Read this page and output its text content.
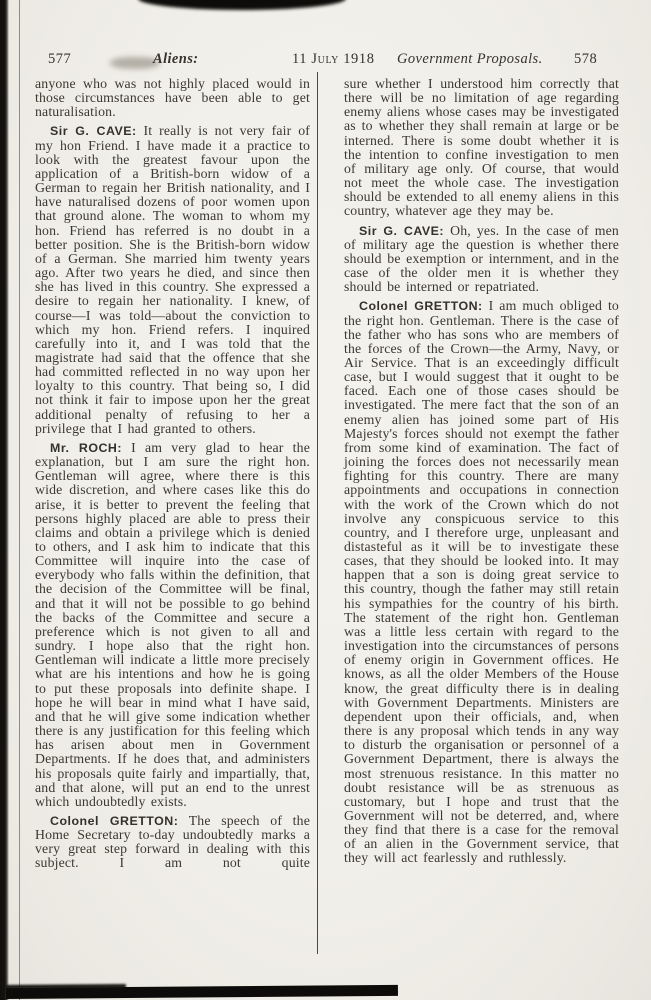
577	Aliens:	11 July 1918 Government Proposals. 578

anyone who was not highly placed would in those circumstances have been able to get naturalisation.

Sir G. CAVE: It really is not very fair of my hon Friend. I have made it a practice to look with the greatest favour upon the application of a British-born widow of a German to regain her British nationality, and I have naturalised dozens of poor women upon that ground alone. The woman to whom my hon. Friend has referred is no doubt in a better position. She is the British-born widow of a German. She married him twenty years ago. After two years he died, and since then she has lived in this country. She expressed a desire to regain her nationality. I knew, of course—I was told—about the conviction to which my hon. Friend refers. I inquired carefully into it, and I was told that the magistrate had said that the offence that she had committed reflected in no way upon her loyalty to this country. That being so, I did not think it fair to impose upon her the great additional penalty of refusing to her a privilege that I had granted to others.

Mr. ROCH: I am very glad to hear the explanation, but I am sure the right hon. Gentleman will agree, where there is this wide discretion, and where cases like this do arise, it is better to prevent the feeling that persons highly placed are able to press their claims and obtain a privilege which is denied to others, and I ask him to indicate that this Committee will inquire into the case of everybody who falls within the definition, that the decision of the Committee will be final, and that it will not be possible to go behind the backs of the Committee and secure a preference which is not given to all and sundry. I hope also that the right hon. Gentleman will indicate a little more precisely what are his intentions and how he is going to put these proposals into definite shape. I hope he will bear in mind what I have said, and that he will give some indication whether there is any justification for this feeling which has arisen about men in Government Departments. If he does that, and administers his proposals quite fairly and impartially, that, and that alone, will put an end to the unrest which undoubtedly exists.

Colonel GRETTON: The speech of the Home Secretary to-day undoubtedly marks a very great step forward in dealing with this subject. I am not quite

sure whether I understood him correctly that there will be no limitation of age regarding enemy aliens whose cases may be investigated as to whether they shall remain at large or be interned. There is some doubt whether it is the intention to confine investigation to men of military age only. Of course, that would not meet the whole case. The investigation should be extended to all enemy aliens in this country, whatever age they may be.

Sir G. CAVE: Oh, yes. In the case of men of military age the question is whether there should be exemption or internment, and in the case of the older men it is whether they should be interned or repatriated.

Colonel GRETTON: I am much obliged to the right hon. Gentleman. There is the case of the father who has sons who are members of the forces of the Crown—the Army, Navy, or Air Service. That is an exceedingly difficult case, but I would suggest that it ought to be faced. Each one of those cases should be investigated. The mere fact that the son of an enemy alien has joined some part of His Majesty's forces should not exempt the father from some kind of examination. The fact of joining the forces does not necessarily mean fighting for this country. There are many appointments and occupations in connection with the work of the Crown which do not involve any conspicuous service to this country, and I therefore urge, unpleasant and distasteful as it will be to investigate these cases, that they should be looked into. It may happen that a son is doing great service to this country, though the father may still retain his sympathies for the country of his birth. The statement of the right hon. Gentleman was a little less certain with regard to the investigation into the circumstances of persons of enemy origin in Government offices. He knows, as all the older Members of the House know, the great difficulty there is in dealing with Government Departments. Ministers are dependent upon their officials, and, when there is any proposal which tends in any way to disturb the organisation or personnel of a Government Department, there is always the most strenuous resistance. In this matter no doubt resistance will be as strenuous as customary, but I hope and trust that the Government will not be deterred, and, where they find that there is a case for the removal of an alien in the Government service, that they will act fearlessly and ruthlessly.
